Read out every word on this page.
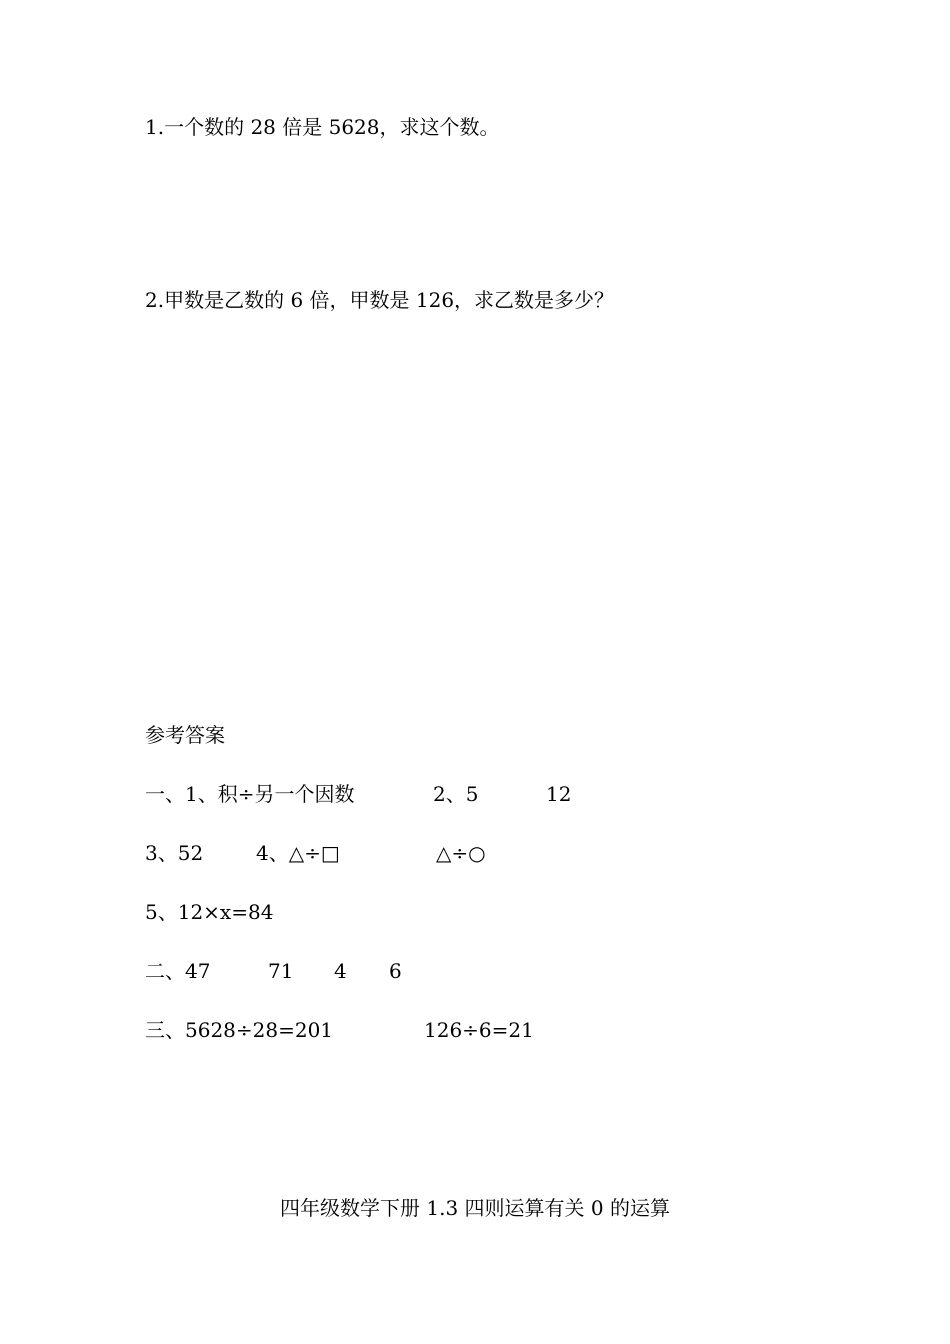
1.一个数的 28 倍是 5628，求这个数。
2.甲数是乙数的 6 倍，甲数是 126，求乙数是多少？
参考答案

一、1、积÷另一个因数

	2、5

	12

3、52

	4、△÷□

	△÷○

5、12×x=84

二、47

	71

4

6

三、5628÷28=201

	126÷6=21

四年级数学下册 1.3 四则运算有关 0 的运算
